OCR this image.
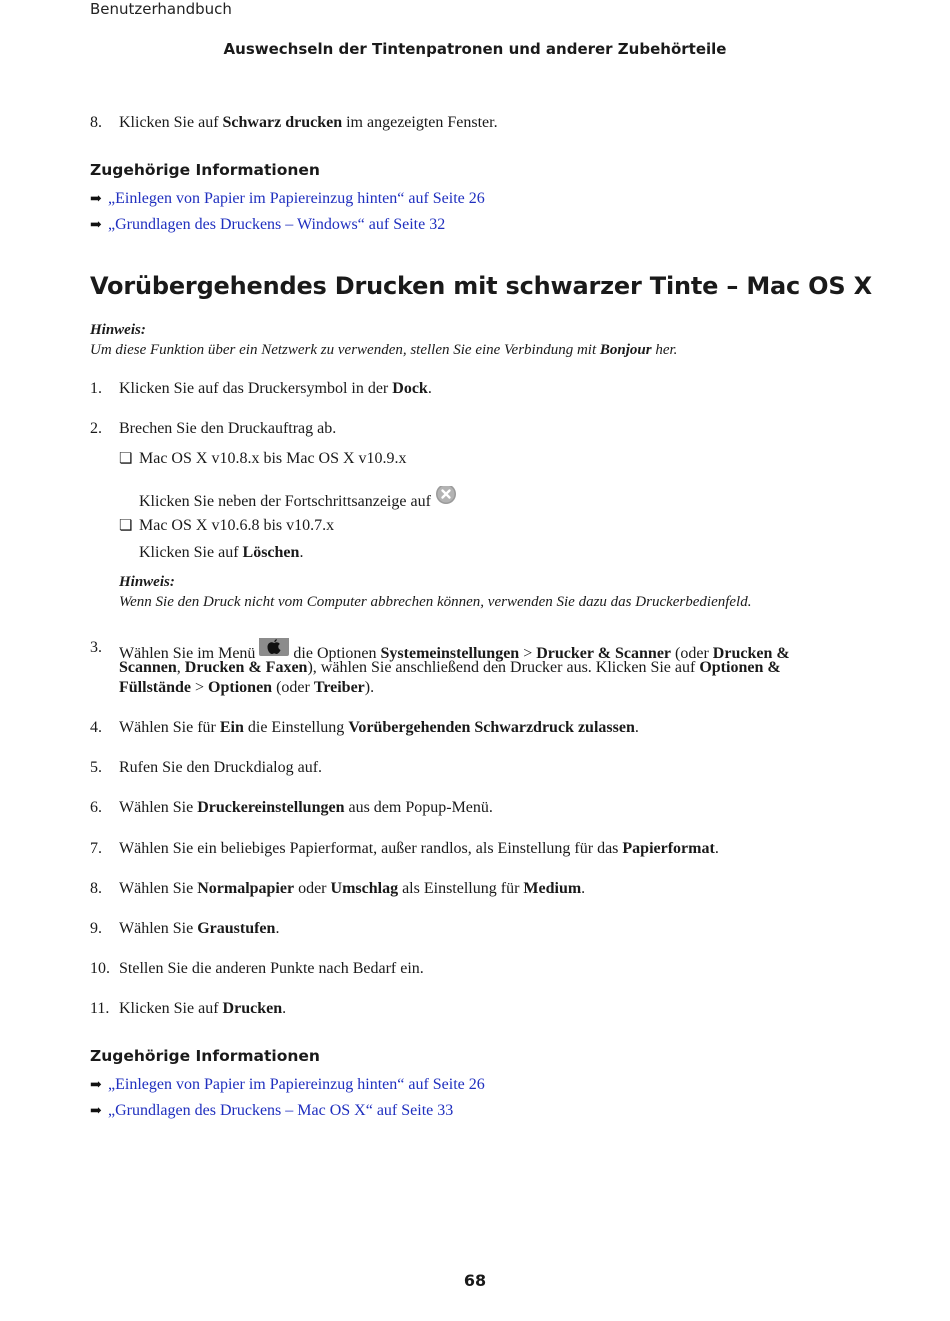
Benutzerhandbuch
Auswechseln der Tintenpatronen und anderer Zubehörteile
8. Klicken Sie auf Schwarz drucken im angezeigten Fenster.
Zugehörige Informationen
➡ „Einlegen von Papier im Papiereinzug hinten“ auf Seite 26
➡ „Grundlagen des Druckens – Windows“ auf Seite 32
Vorübergehendes Drucken mit schwarzer Tinte – Mac OS X
Hinweis:
Um diese Funktion über ein Netzwerk zu verwenden, stellen Sie eine Verbindung mit Bonjour her.
1. Klicken Sie auf das Druckersymbol in der Dock.
2. Brechen Sie den Druckauftrag ab.
❏ Mac OS X v10.8.x bis Mac OS X v10.9.x
Klicken Sie neben der Fortschrittsanzeige auf
❏ Mac OS X v10.6.8 bis v10.7.x
Klicken Sie auf Löschen.
Hinweis:
Wenn Sie den Druck nicht vom Computer abbrechen können, verwenden Sie dazu das Druckerbedienfeld.
3. Wählen Sie im Menü  die Optionen Systemeinstellungen > Drucker & Scanner (oder Drucken &
Scannen, Drucken & Faxen), wählen Sie anschließend den Drucker aus. Klicken Sie auf Optionen &
Füllstände > Optionen (oder Treiber).
4. Wählen Sie für Ein die Einstellung Vorübergehenden Schwarzdruck zulassen.
5. Rufen Sie den Druckdialog auf.
6. Wählen Sie Druckereinstellungen aus dem Popup-Menü.
7. Wählen Sie ein beliebiges Papierformat, außer randlos, als Einstellung für das Papierformat.
8. Wählen Sie Normalpapier oder Umschlag als Einstellung für Medium.
9. Wählen Sie Graustufen.
10. Stellen Sie die anderen Punkte nach Bedarf ein.
11. Klicken Sie auf Drucken.
Zugehörige Informationen
➡ „Einlegen von Papier im Papiereinzug hinten“ auf Seite 26
➡ „Grundlagen des Druckens – Mac OS X“ auf Seite 33
68
